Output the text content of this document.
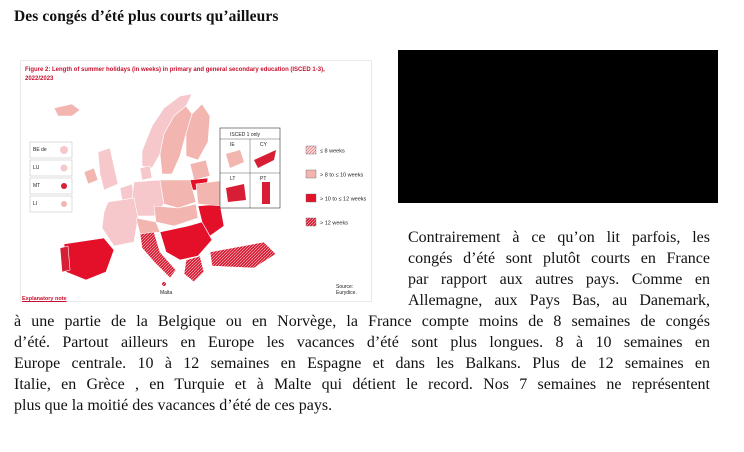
Des congés d’été plus courts qu’ailleurs
Figure 2: Length of summer holidays (in weeks) in primary and general secondary education (ISCED 1-3),
2022/2023
Malta
BE de
LU
MT
LI
ISCED 1 only
IE	CY
LT	PT
≤ 8 weeks
> 8 to ≤ 10 weeks
> 10 to ≤ 12 weeks
> 12 weeks
Explanatory note
Source: Eurydice.
Contrairement à ce qu’on lit parfois, les
congés d’été sont plutôt courts en France
par rapport aux autres pays. Comme en
Allemagne, aux Pays Bas, au Danemark,
à une partie de la Belgique ou en Norvège, la France compte moins de 8 semaines de congés
d’été. Partout ailleurs en Europe les vacances d’été sont plus longues. 8 à 10 semaines en
Europe centrale. 10 à 12 semaines en Espagne et dans les Balkans. Plus de 12 semaines en
Italie, en Grèce , en Turquie et à Malte qui détient le record. Nos 7 semaines ne représentent
plus que la moitié des vacances d’été de ces pays.
